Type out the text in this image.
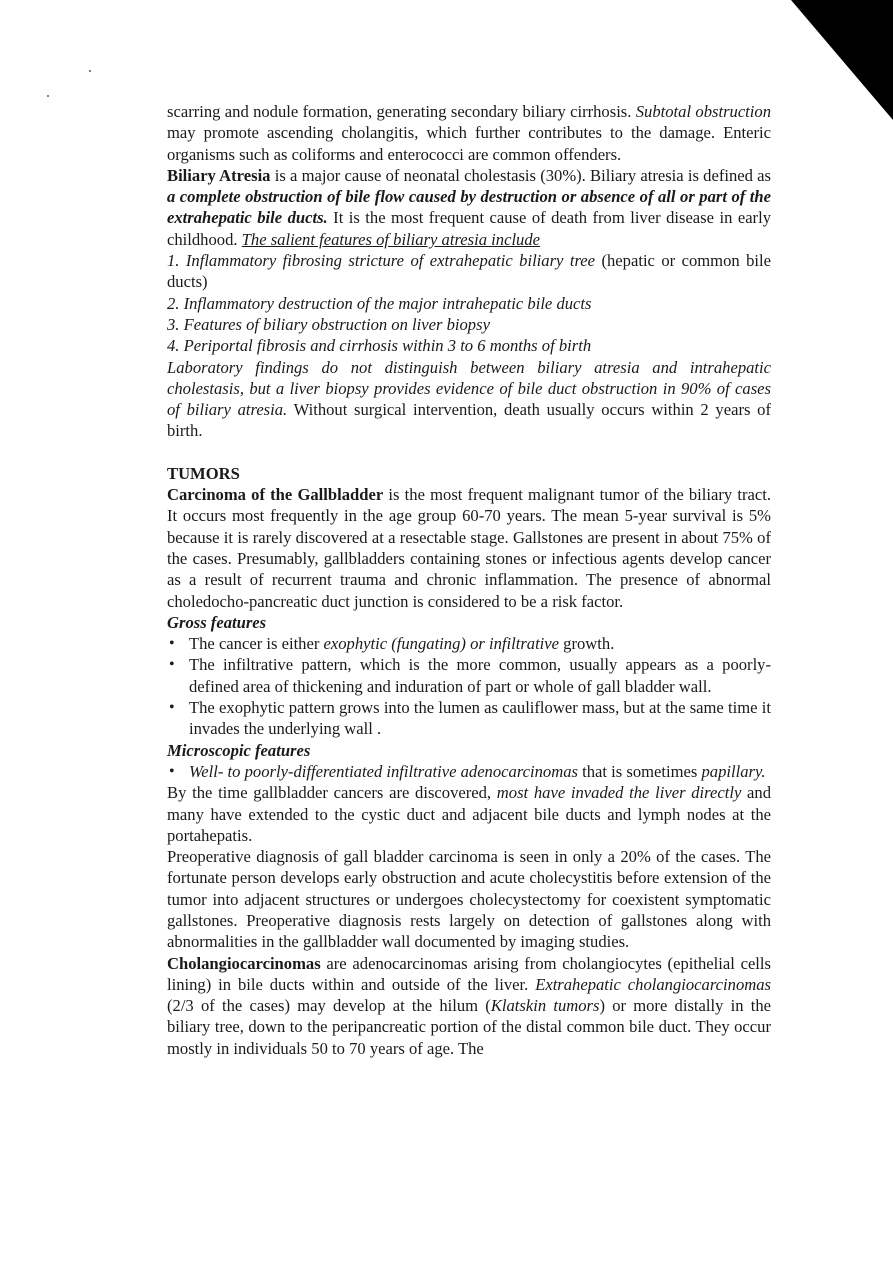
scarring and nodule formation, generating secondary biliary cirrhosis. Subtotal obstruction may promote ascending cholangitis, which further contributes to the damage. Enteric organisms such as coliforms and enterococci are common offenders.

Biliary Atresia is a major cause of neonatal cholestasis (30%). Biliary atresia is defined as a complete obstruction of bile flow caused by destruction or absence of all or part of the extrahepatic bile ducts. It is the most frequent cause of death from liver disease in early childhood. The salient features of biliary atresia include

1. Inflammatory fibrosing stricture of extrahepatic biliary tree (hepatic or common bile ducts)

2. Inflammatory destruction of the major intrahepatic bile ducts

3. Features of biliary obstruction on liver biopsy

4. Periportal fibrosis and cirrhosis within 3 to 6 months of birth

Laboratory findings do not distinguish between biliary atresia and intrahepatic cholestasis, but a liver biopsy provides evidence of bile duct obstruction in 90% of cases of biliary atresia. Without surgical intervention, death usually occurs within 2 years of birth.

TUMORS

Carcinoma of the Gallbladder is the most frequent malignant tumor of the biliary tract. It occurs most frequently in the age group 60-70 years. The mean 5-year survival is 5% because it is rarely discovered at a resectable stage. Gallstones are present in about 75% of the cases. Presumably, gallbladders containing stones or infectious agents develop cancer as a result of recurrent trauma and chronic inflammation. The presence of abnormal choledocho-pancreatic duct junction is considered to be a risk factor.

Gross features

• The cancer is either exophytic (fungating) or infiltrative growth.
• The infiltrative pattern, which is the more common, usually appears as a poorly-defined area of thickening and induration of part or whole of gall bladder wall.
• The exophytic pattern grows into the lumen as cauliflower mass, but at the same time it invades the underlying wall .

Microscopic features

• Well- to poorly-differentiated infiltrative adenocarcinomas that is sometimes papillary.

By the time gallbladder cancers are discovered, most have invaded the liver directly and many have extended to the cystic duct and adjacent bile ducts and lymph nodes at the portahepatis.

Preoperative diagnosis of gall bladder carcinoma is seen in only a 20% of the cases. The fortunate person develops early obstruction and acute cholecystitis before extension of the tumor into adjacent structures or undergoes cholecystectomy for coexistent symptomatic gallstones. Preoperative diagnosis rests largely on detection of gallstones along with abnormalities in the gallbladder wall documented by imaging studies.

Cholangiocarcinomas are adenocarcinomas arising from cholangiocytes (epithelial cells lining) in bile ducts within and outside of the liver. Extrahepatic cholangiocarcinomas (2/3 of the cases) may develop at the hilum (Klatskin tumors) or more distally in the biliary tree, down to the peripancreatic portion of the distal common bile duct. They occur mostly in individuals 50 to 70 years of age. The
